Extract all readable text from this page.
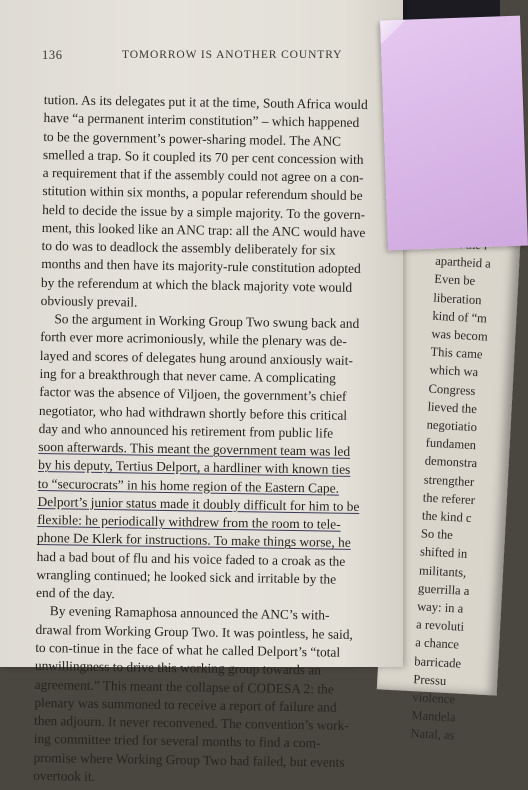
apartheid a
Even be
liberation
kind of “m
was becom
This came
which wa
Congress
lieved the
negotiatio
fundamen
demonstra
strengther
the referer
the kind c
So the
shifted in
militants,
guerrilla a
way: in a
a revoluti
a chance
barricade
Pressu
violence
Mandela
Natal, as
136	TOMORROW IS ANOTHER COUNTRY
tution. As its delegates put it at the time, South Africa would
have “a permanent interim constitution” – which happened
to be the government’s power-sharing model. The ANC
smelled a trap. So it coupled its 70 per cent concession with
a requirement that if the assembly could not agree on a con-
stitution within six months, a popular referendum should be
held to decide the issue by a simple majority. To the govern-
ment, this looked like an ANC trap: all the ANC would have
to do was to deadlock the assembly deliberately for six
months and then have its majority-rule constitution adopted
by the referendum at which the black majority vote would
obviously prevail.
So the argument in Working Group Two swung back and
forth ever more acrimoniously, while the plenary was de-
layed and scores of delegates hung around anxiously wait-
ing for a breakthrough that never came. A complicating
factor was the absence of Viljoen, the government’s chief
negotiator, who had withdrawn shortly before this critical
day and who announced his retirement from public life
soon afterwards. This meant the government team was led
by his deputy, Tertius Delport, a hardliner with known ties
to “securocrats” in his home region of the Eastern Cape.
Delport’s junior status made it doubly difficult for him to be
flexible: he periodically withdrew from the room to tele-
phone De Klerk for instructions. To make things worse, he
had a bad bout of flu and his voice faded to a croak as the
wrangling continued; he looked sick and irritable by the
end of the day.
By evening Ramaphosa announced the ANC’s with-
drawal from Working Group Two. It was pointless, he said,
to con-tinue in the face of what he called Delport’s “total
unwillingness to drive this working group towards an
agreement.” This meant the collapse of CODESA 2: the
plenary was summoned to receive a report of failure and
then adjourn. It never reconvened. The convention’s work-
ing committee tried for several months to find a com-
promise where Working Group Two had failed, but events
overtook it.
